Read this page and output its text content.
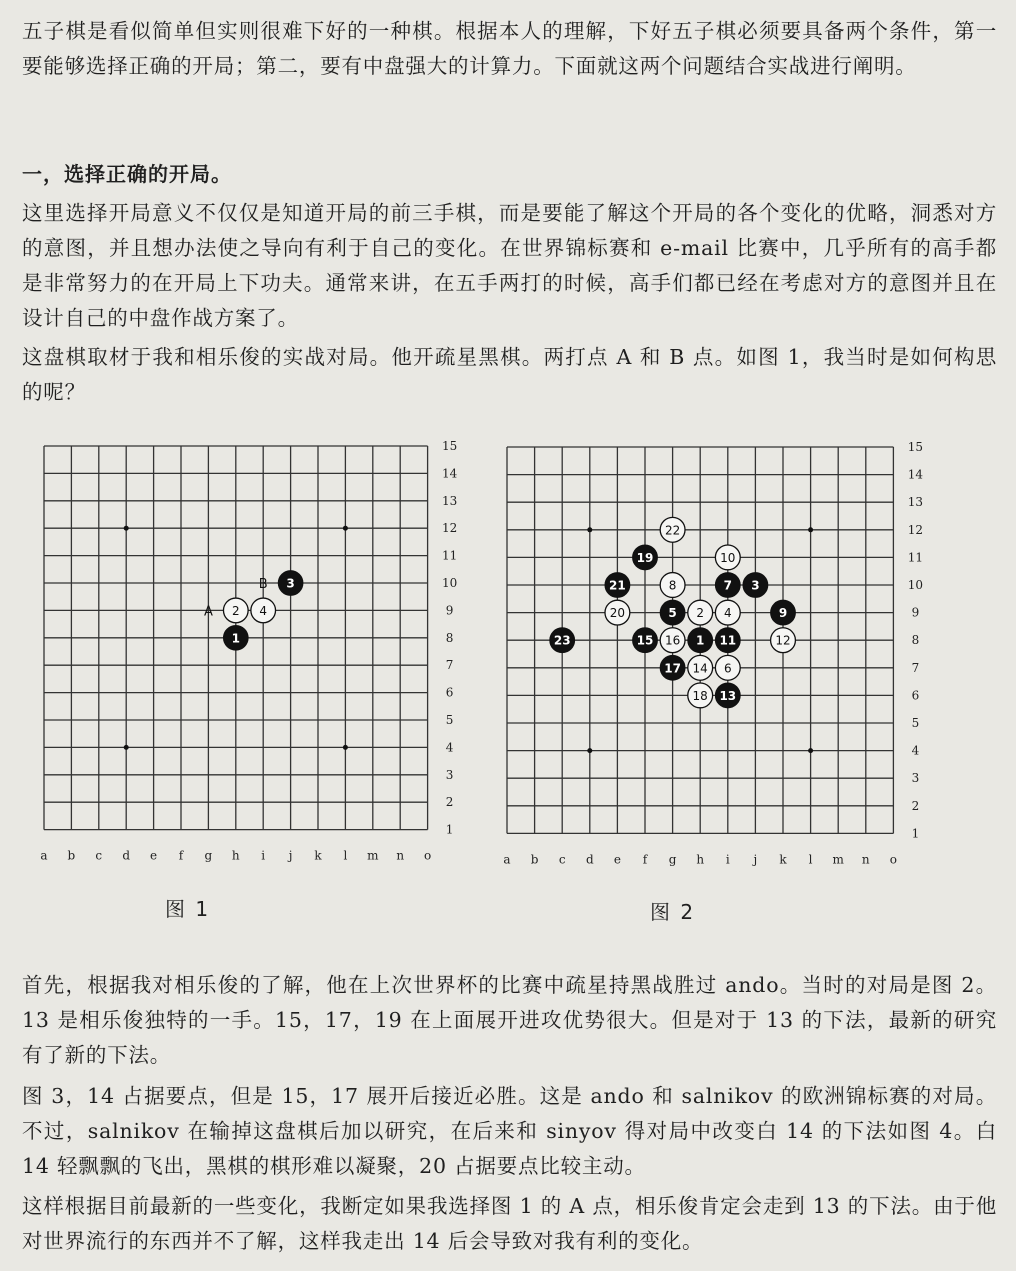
五子棋是看似简单但实则很难下好的一种棋。根据本人的理解，下好五子棋必须要具备两个条件，第一要能够选择正确的开局；第二，要有中盘强大的计算力。下面就这两个问题结合实战进行阐明。

一，选择正确的开局。

这里选择开局意义不仅仅是知道开局的前三手棋，而是要能了解这个开局的各个变化的优略，洞悉对方的意图，并且想办法使之导向有利于自己的变化。在世界锦标赛和 e-mail 比赛中，几乎所有的高手都是非常努力的在开局上下功夫。通常来讲，在五手两打的时候，高手们都已经在考虑对方的意图并且在设计自己的中盘作战方案了。

这盘棋取材于我和相乐俊的实战对局。他开疏星黑棋。两打点 A 和 B 点。如图 1，我当时是如何构思的呢？

a b c d e f g h i j k l m n o
15
14
13
12
11
10
9
8
7
6
5
4
3
2
1
A
B
1
2
3
4
a b c d e f g h i j k l m n o
15
14
13
12
11
10
9
8
7
6
5
4
3
2
1
1
2
3
4
5
6
7
8
9
10
11	12
13
14
15 16
17
18
19
20
21
22
23
图 1	图 2

首先，根据我对相乐俊的了解，他在上次世界杯的比赛中疏星持黑战胜过 ando。当时的对局是图 2。13 是相乐俊独特的一手。15，17，19 在上面展开进攻优势很大。但是对于 13 的下法，最新的研究有了新的下法。

图 3，14 占据要点，但是 15，17 展开后接近必胜。这是 ando 和 salnikov 的欧洲锦标赛的对局。不过，salnikov 在输掉这盘棋后加以研究，在后来和 sinyov 得对局中改变白 14 的下法如图 4。白 14 轻飘飘的飞出，黑棋的棋形难以凝聚，20 占据要点比较主动。

这样根据目前最新的一些变化，我断定如果我选择图 1 的 A 点，相乐俊肯定会走到 13 的下法。由于他对世界流行的东西并不了解，这样我走出 14 后会导致对我有利的变化。
